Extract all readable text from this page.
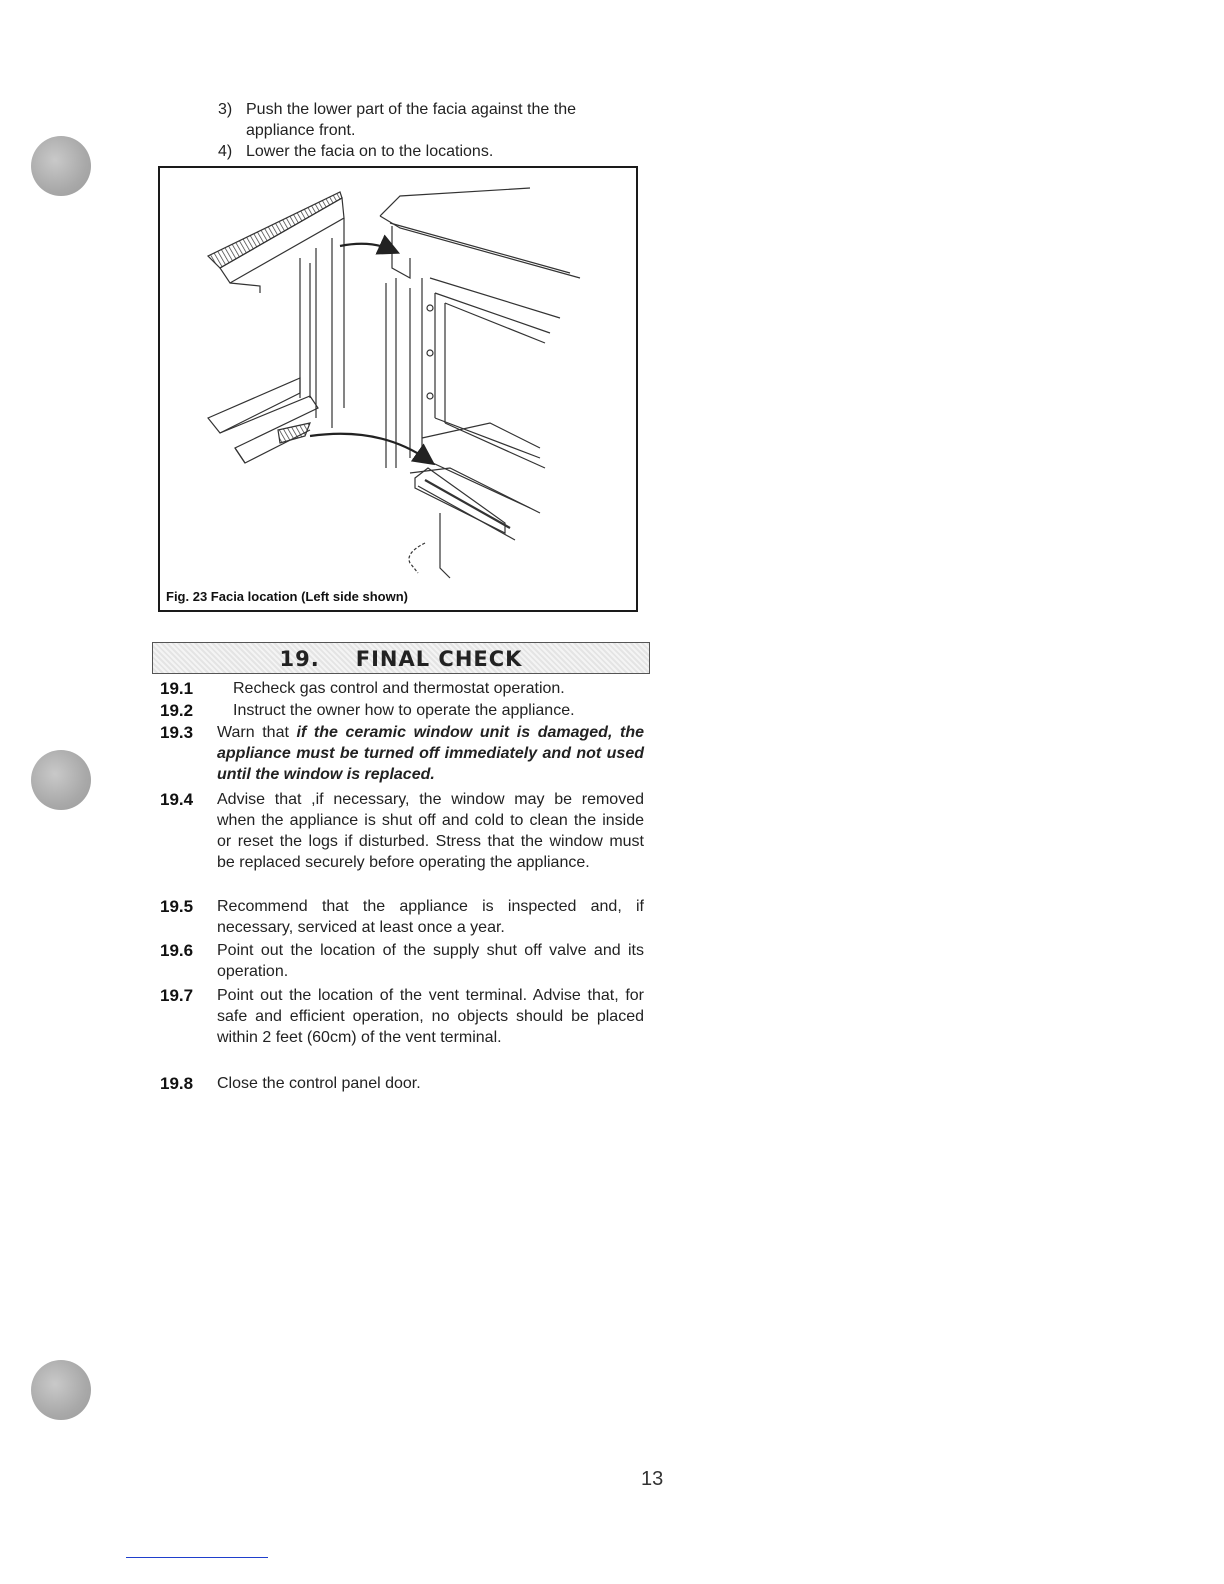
3) Push the lower part of the facia against the the appliance front.
4) Lower the facia on to the locations.
Fig. 23 Facia location (Left side shown)
19. FINAL CHECK
19.1 Recheck gas control and thermostat operation.
19.2 Instruct the owner how to operate the appliance.
19.3 Warn that if the ceramic window unit is damaged, the appliance must be turned off immediately and not used until the window is replaced.
19.4 Advise that ,if necessary, the window may be removed when the appliance is shut off and cold to clean the inside or reset the logs if disturbed. Stress that the window must be replaced securely before operating the appliance.
19.5 Recommend that the appliance is inspected and, if necessary, serviced at least once a year.
19.6 Point out the location of the supply shut off valve and its operation.
19.7 Point out the location of the vent terminal. Advise that, for safe and efficient operation, no objects should be placed within 2 feet (60cm) of the vent terminal.
19.8 Close the control panel door.
13
